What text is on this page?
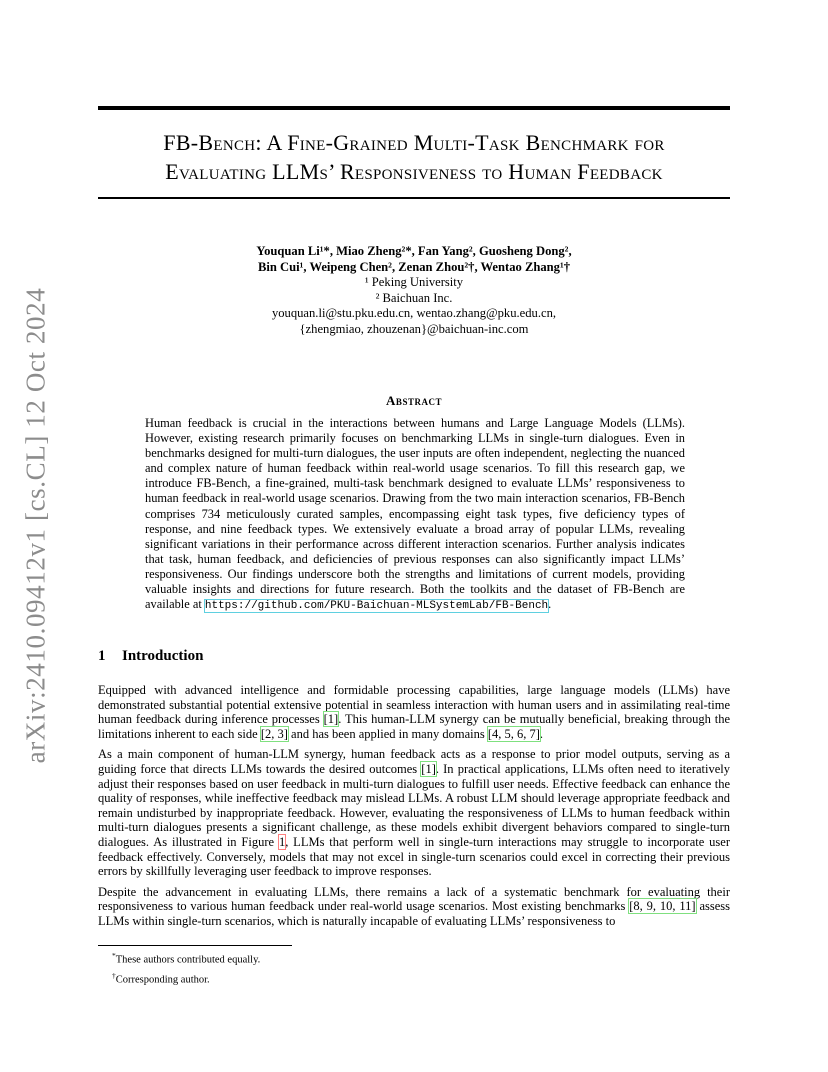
arXiv:2410.09412v1 [cs.CL] 12 Oct 2024
FB-Bench: A Fine-Grained Multi-Task Benchmark for
Evaluating LLMs’ Responsiveness to Human Feedback
Youquan Li¹*, Miao Zheng²*, Fan Yang², Guosheng Dong²,
Bin Cui¹, Weipeng Chen², Zenan Zhou²†, Wentao Zhang¹†
¹ Peking University
² Baichuan Inc.
youquan.li@stu.pku.edu.cn, wentao.zhang@pku.edu.cn,
{zhengmiao, zhouzenan}@baichuan-inc.com
Abstract
Human feedback is crucial in the interactions between humans and Large Language Models (LLMs). However, existing research primarily focuses on benchmarking LLMs in single-turn dialogues. Even in benchmarks designed for multi-turn dialogues, the user inputs are often independent, neglecting the nuanced and complex nature of human feedback within real-world usage scenarios. To fill this research gap, we introduce FB-Bench, a fine-grained, multi-task benchmark designed to evaluate LLMs’ responsiveness to human feedback in real-world usage scenarios. Drawing from the two main interaction scenarios, FB-Bench comprises 734 meticulously curated samples, encompassing eight task types, five deficiency types of response, and nine feedback types. We extensively evaluate a broad array of popular LLMs, revealing significant variations in their performance across different interaction scenarios. Further analysis indicates that task, human feedback, and deficiencies of previous responses can also significantly impact LLMs’ responsiveness. Our findings underscore both the strengths and limitations of current models, providing valuable insights and directions for future research. Both the toolkits and the dataset of FB-Bench are available at https://github.com/PKU-Baichuan-MLSystemLab/FB-Bench.
1 Introduction

Equipped with advanced intelligence and formidable processing capabilities, large language models (LLMs) have demonstrated substantial potential extensive potential in seamless interaction with human users and in assimilating real-time human feedback during inference processes [1]. This human-LLM synergy can be mutually beneficial, breaking through the limitations inherent to each side [2, 3] and has been applied in many domains [4, 5, 6, 7].

As a main component of human-LLM synergy, human feedback acts as a response to prior model outputs, serving as a guiding force that directs LLMs towards the desired outcomes [1]. In practical applications, LLMs often need to iteratively adjust their responses based on user feedback in multi-turn dialogues to fulfill user needs. Effective feedback can enhance the quality of responses, while ineffective feedback may mislead LLMs. A robust LLM should leverage appropriate feedback and remain undisturbed by inappropriate feedback. However, evaluating the responsiveness of LLMs to human feedback within multi-turn dialogues presents a significant challenge, as these models exhibit divergent behaviors compared to single-turn dialogues. As illustrated in Figure 1, LLMs that perform well in single-turn interactions may struggle to incorporate user feedback effectively. Conversely, models that may not excel in single-turn scenarios could excel in correcting their previous errors by skillfully leveraging user feedback to improve responses.

Despite the advancement in evaluating LLMs, there remains a lack of a systematic benchmark for evaluating their responsiveness to various human feedback under real-world usage scenarios. Most existing benchmarks [8, 9, 10, 11] assess LLMs within single-turn scenarios, which is naturally incapable of evaluating LLMs’ responsiveness to

*These authors contributed equally.
†Corresponding author.
